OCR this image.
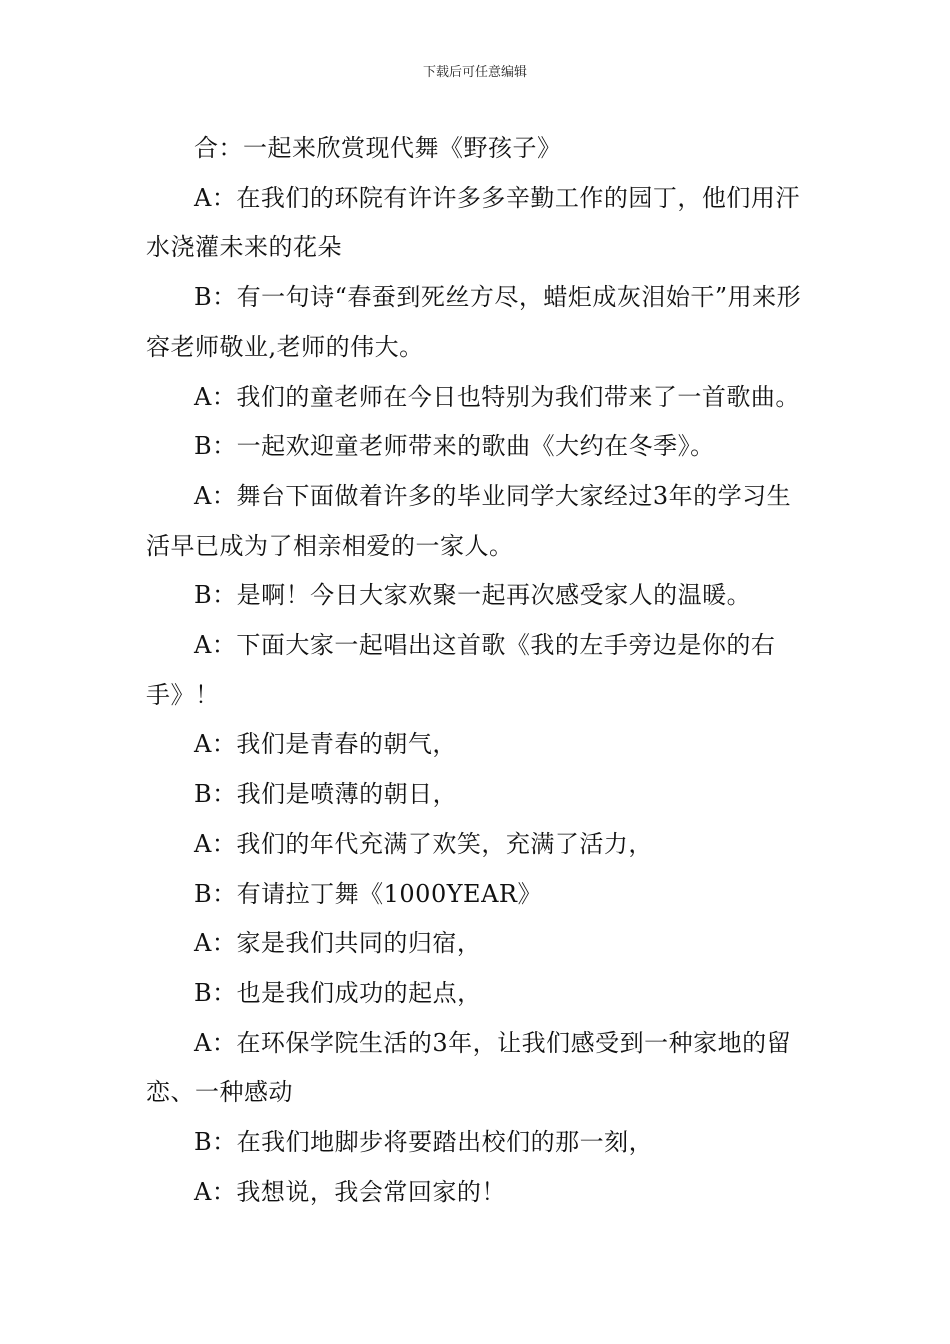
下载后可任意编辑

合：一起来欣赏现代舞《野孩子》

A：在我们的环院有许许多多辛勤工作的园丁，他们用汗水浇灌未来的花朵

B：有一句诗“春蚕到死丝方尽，蜡炬成灰泪始干”用来形容老师敬业,老师的伟大。

A：我们的童老师在今日也特别为我们带来了一首歌曲。

B：一起欢迎童老师带来的歌曲《大约在冬季》。

A：舞台下面做着许多的毕业同学大家经过3年的学习生活早已成为了相亲相爱的一家人。

B：是啊！今日大家欢聚一起再次感受家人的温暖。

A：下面大家一起唱出这首歌《我的左手旁边是你的右手》！

A：我们是青春的朝气，

B：我们是喷薄的朝日，

A：我们的年代充满了欢笑，充满了活力，

B：有请拉丁舞《1000YEAR》

A：家是我们共同的归宿，

B：也是我们成功的起点，

A：在环保学院生活的3年，让我们感受到一种家地的留恋、一种感动

B：在我们地脚步将要踏出校们的那一刻，

A：我想说，我会常回家的！
